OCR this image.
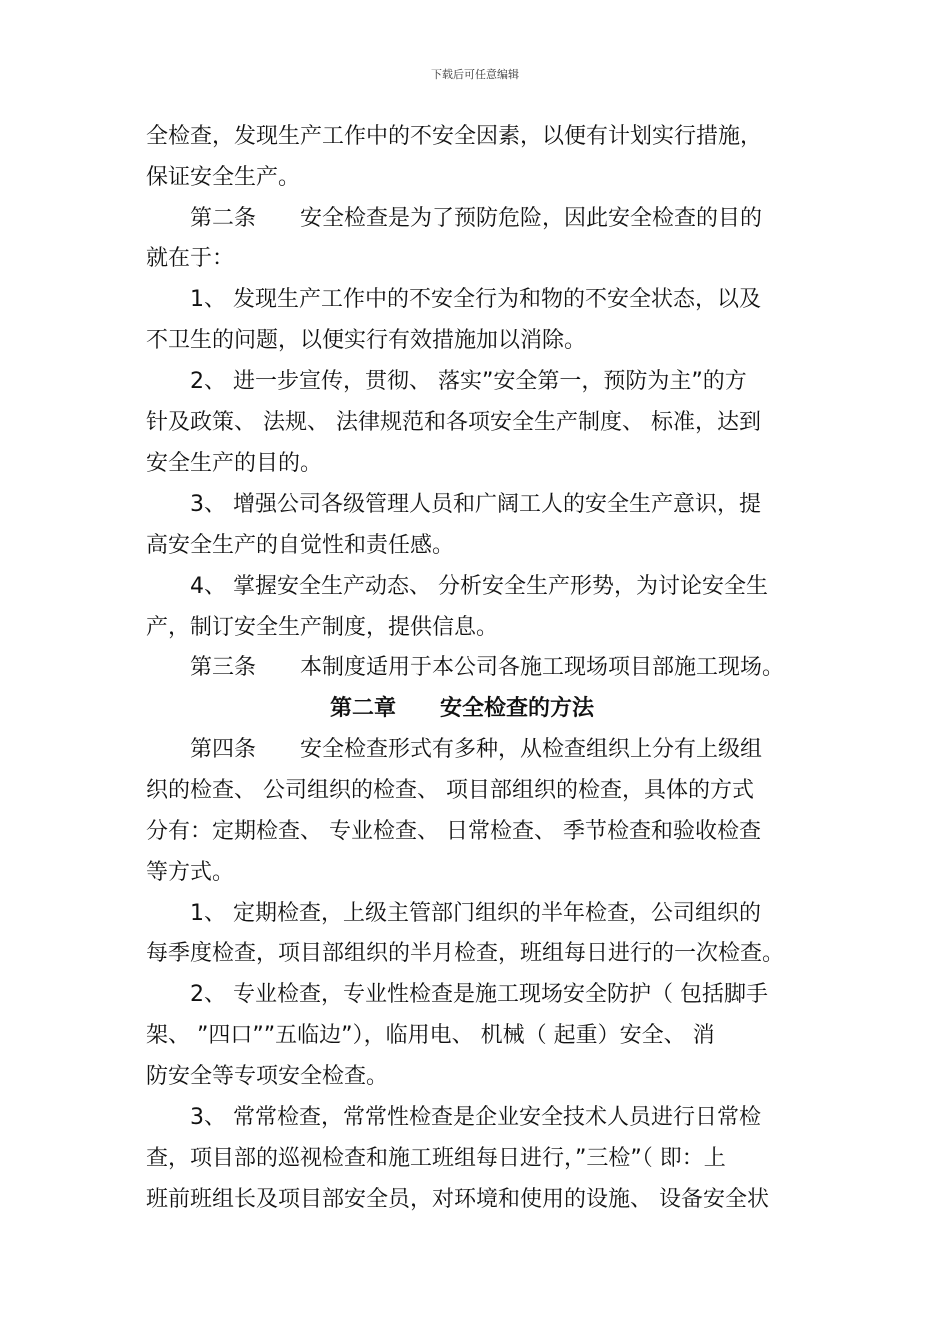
下载后可任意编辑
全检查，发现生产工作中的不安全因素，以便有计划实行措施，
保证安全生产。
第二条　　安全检查是为了预防危险，因此安全检查的目的
就在于：
1、 发现生产工作中的不安全行为和物的不安全状态，以及
不卫生的问题，以便实行有效措施加以消除。
2、 进一步宣传，贯彻、 落实”安全第一，预防为主”的方
针及政策、 法规、 法律规范和各项安全生产制度、 标准，达到
安全生产的目的。
3、 增强公司各级管理人员和广阔工人的安全生产意识，提
高安全生产的自觉性和责任感。
4、 掌握安全生产动态、 分析安全生产形势，为讨论安全生
产，制订安全生产制度，提供信息。
第三条　　本制度适用于本公司各施工现场项目部施工现场。
第二章　　安全检查的方法
第四条　　安全检查形式有多种，从检查组织上分有上级组
织的检查、 公司组织的检查、 项目部组织的检查，具体的方式
分有：定期检查、 专业检查、 日常检查、 季节检查和验收检查
等方式。
1、 定期检查，上级主管部门组织的半年检查，公司组织的
每季度检查，项目部组织的半月检查，班组每日进行的一次检查。
2、 专业检查，专业性检查是施工现场安全防护（ 包括脚手
架、 ”四口””五临边”），临用电、 机械（ 起重）安全、 消
防安全等专项安全检查。
3、 常常检查，常常性检查是企业安全技术人员进行日常检
查，项目部的巡视检查和施工班组每日进行，”三检”（ 即：上
班前班组长及项目部安全员，对环境和使用的设施、 设备安全状
